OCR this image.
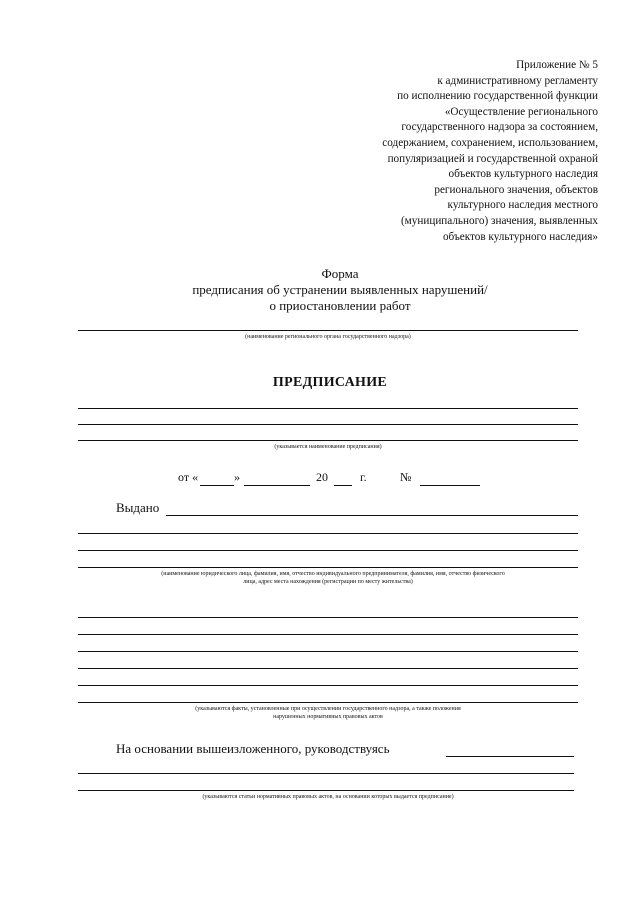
Приложение № 5
к административному регламенту
по исполнению государственной функции
«Осуществление регионального
государственного надзора за состоянием,
содержанием, сохранением, использованием,
популяризацией и государственной охраной
объектов культурного наследия
регионального значения, объектов
культурного наследия местного
(муниципального) значения, выявленных
объектов культурного наследия»
Форма
предписания об устранении выявленных нарушений/
о приостановлении работ
(наименование регионального органа государственного надзора)
ПРЕДПИСАНИЕ
(указывается наименование предписания)
от «	»	20	г.	№
Выдано
(наименование юридического лица, фамилия, имя, отчество индивидуального предпринимателя, фамилия, имя, отчество физического
лица, адрес места нахождения (регистрации по месту жительства)
(указываются факты, установленные при осуществлении государственного надзора, а также положения
нарушенных нормативных правовых актов
На основании вышеизложенного, руководствуясь
(указываются статьи нормативных правовых актов, на основании которых выдается предписание)
